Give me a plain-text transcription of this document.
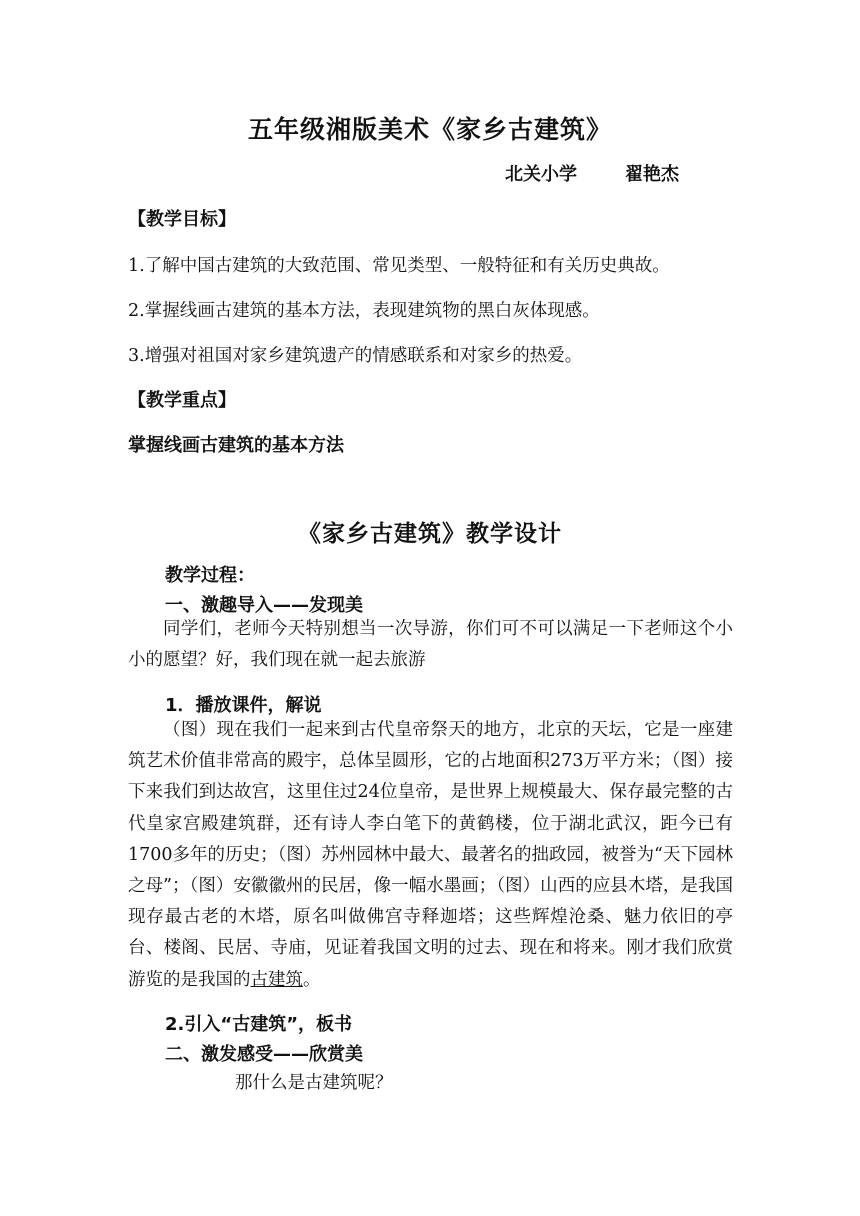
五年级湘版美术《家乡古建筑》
北关小学	翟艳杰
【教学目标】
1.了解中国古建筑的大致范围、常见类型、一般特征和有关历史典故。
2.掌握线画古建筑的基本方法，表现建筑物的黑白灰体现感。
3.增强对祖国对家乡建筑遗产的情感联系和对家乡的热爱。
【教学重点】
掌握线画古建筑的基本方法
《家乡古建筑》教学设计
教学过程：
一、激趣导入——发现美
同学们，老师今天特别想当一次导游，你们可不可以满足一下老师这个小小的愿望？好，我们现在就一起去旅游
1．播放课件，解说
（图）现在我们一起来到古代皇帝祭天的地方，北京的天坛，它是一座建筑艺术价值非常高的殿宇，总体呈圆形，它的占地面积273万平方米；（图）接下来我们到达故宫，这里住过24位皇帝，是世界上规模最大、保存最完整的古代皇家宫殿建筑群，还有诗人李白笔下的黄鹤楼，位于湖北武汉，距今已有1700多年的历史；（图）苏州园林中最大、最著名的拙政园，被誉为“天下园林之母”；（图）安徽徽州的民居，像一幅水墨画；（图）山西的应县木塔，是我国现存最古老的木塔，原名叫做佛宫寺释迦塔；这些辉煌沧桑、魅力依旧的亭台、楼阁、民居、寺庙，见证着我国文明的过去、现在和将来。刚才我们欣赏游览的是我国的古建筑。
2.引入“古建筑”，板书
二、激发感受——欣赏美
那什么是古建筑呢？
